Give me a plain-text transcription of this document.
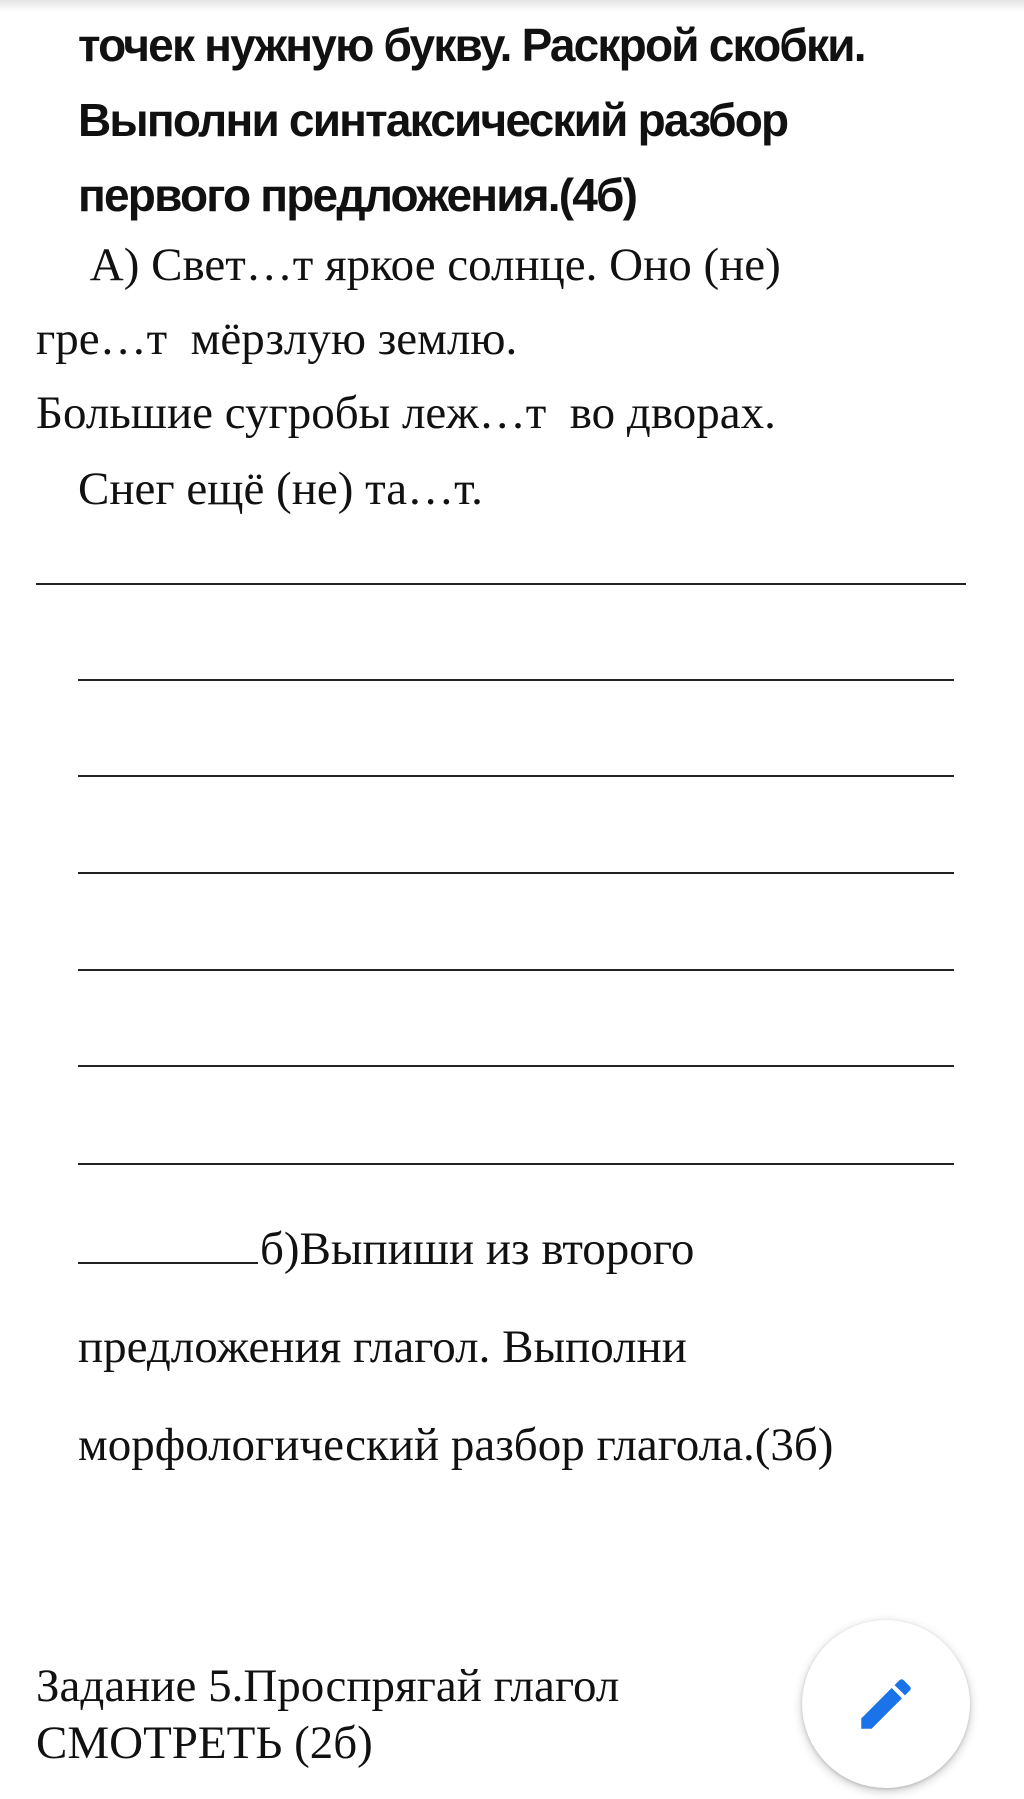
точек нужную букву. Раскрой скобки.
Выполни синтаксический разбор
первого предложения.(4б)

А) Свет…т яркое солнце. Оно (не)

гре…т  мёрзлую землю.

Большие сугробы леж…т  во дворах.

Снег ещё (не) та…т.

б)Выпиши из второго
предложения глагол. Выполни
морфологический разбор глагола.(3б)

Задание 5.Проспрягай глагол
СМОТРЕТЬ (2б)
